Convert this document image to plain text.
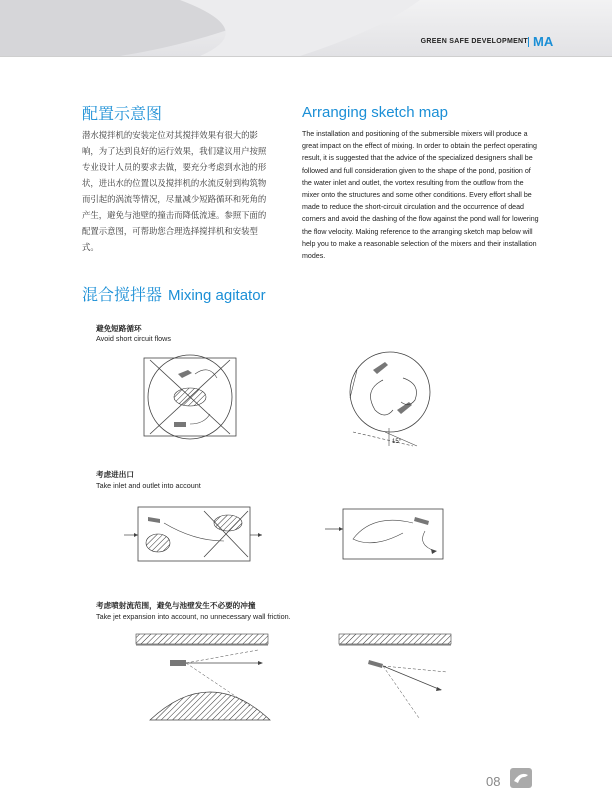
GREEN SAFE DEVELOPMENT MA
配置示意图	Arranging sketch map

潜水搅拌机的安装定位对其搅拌效果有很大的影响，为了达到良好的运行效果，我们建议用户按照专业设计人员的要求去做，要充分考虑到水池的形状，进出水的位置以及搅拌机的水流反射到构筑物而引起的涡流等情况，尽量减少短路循环和死角的产生，避免与池壁的撞击而降低流速。参照下面的配置示意图，可帮助您合理选择搅拌机和安装型式。

The installation and positioning of the submersible mixers will produce a great impact on the effect of mixing. In order to obtain the perfect operating result, it is suggested that the advice of the specialized designers shall be followed and full consideration given to the shape of the pond, position of the water inlet and outlet, the vortex resulting from the outflow from the mixer onto the structures and some other conditions. Every effort shall be made to reduce the short-circuit circulation and the occurrence of dead corners and avoid the dashing of the flow against the pond wall for lowering the flow velocity. Making reference to the arranging sketch map below will help you to make a reasonable selection of the mixers and their installation modes.

混合搅拌器 Mixing agitator
避免短路循环
Avoid short circuit flows
15°
考虑进出口
Take inlet and outlet into account
考虑喷射流范围，避免与池壁发生不必要的冲撞
Take jet expansion into account, no unnecessary wall friction.
08
